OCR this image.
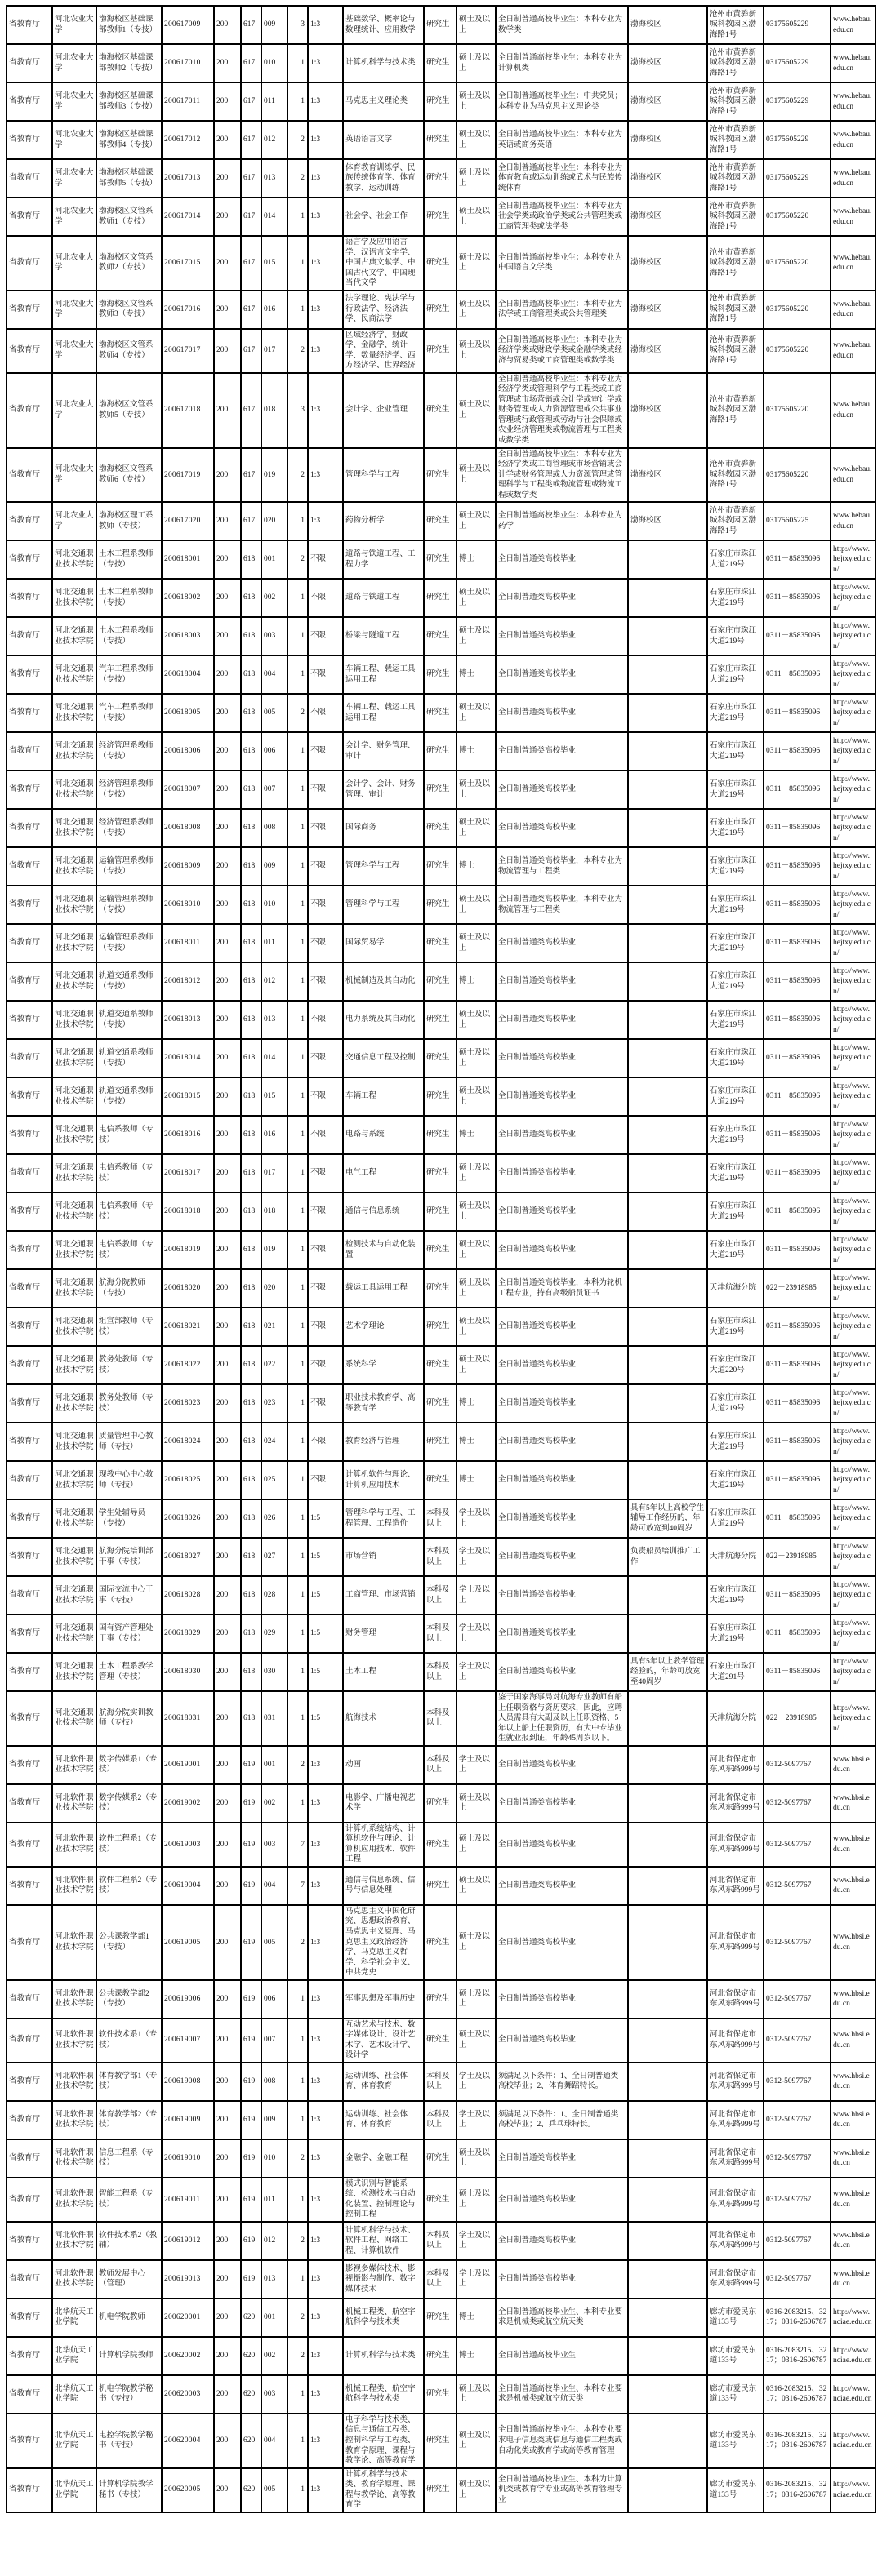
省教育厅	河北农业大学	渤海校区基础课部教师1（专技）	200617009	200	617	009	3	1:3	基础数学、概率论与数理统计、应用数学	研究生	硕士及以上	全日制普通高校毕业生：本科专业为数学类	渤海校区	沧州市黄骅新城科教园区渤海路1号	03175605229	www.hebau.edu.cn
省教育厅	河北农业大学	渤海校区基础课部教师2（专技）	200617010	200	617	010	1	1:3	计算机科学与技术类	研究生	硕士及以上	全日制普通高校毕业生：本科专业为计算机类	渤海校区	沧州市黄骅新城科教园区渤海路1号	03175605229	www.hebau.edu.cn
省教育厅	河北农业大学	渤海校区基础课部教师3（专技）	200617011	200	617	011	1	1:3	马克思主义理论类	研究生	硕士及以上	全日制普通高校毕业生：中共党员；本科专业为马克思主义理论类	渤海校区	沧州市黄骅新城科教园区渤海路1号	03175605229	www.hebau.edu.cn
省教育厅	河北农业大学	渤海校区基础课部教师4（专技）	200617012	200	617	012	2	1:3	英语语言文学	研究生	硕士及以上	全日制普通高校毕业生：本科专业为英语或商务英语	渤海校区	沧州市黄骅新城科教园区渤海路1号	03175605229	www.hebau.edu.cn
省教育厅	河北农业大学	渤海校区基础课部教师5（专技）	200617013	200	617	013	2	1:3	体育教育训练学、民族传统体育学、体育教学、运动训练	研究生	硕士及以上	全日制普通高校毕业生：本科专业为体育教育或运动训练或武术与民族传统体育	渤海校区	沧州市黄骅新城科教园区渤海路1号	03175605229	www.hebau.edu.cn
省教育厅	河北农业大学	渤海校区文管系教师1（专技）	200617014	200	617	014	1	1:3	社会学、社会工作	研究生	硕士及以上	全日制普通高校毕业生：本科专业为社会学类或政治学类或公共管理类或工商管理类或法学类	渤海校区	沧州市黄骅新城科教园区渤海路1号	03175605220	www.hebau.edu.cn
省教育厅	河北农业大学	渤海校区文管系教师2（专技）	200617015	200	617	015	1	1:3	语言学及应用语言学、汉语言文字学、中国古典文献学、中国古代文学、中国现当代文学	研究生	硕士及以上	全日制普通高校毕业生：本科专业为中国语言文学类	渤海校区	沧州市黄骅新城科教园区渤海路1号	03175605220	www.hebau.edu.cn
省教育厅	河北农业大学	渤海校区文管系教师3（专技）	200617016	200	617	016	1	1:3	法学理论、宪法学与行政法学、经济法学、民商法学	研究生	硕士及以上	全日制普通高校毕业生：本科专业为法学或工商管理类或公共管理类	渤海校区	沧州市黄骅新城科教园区渤海路1号	03175605220	www.hebau.edu.cn
省教育厅	河北农业大学	渤海校区文管系教师4（专技）	200617017	200	617	017	2	1:3	区域经济学、财政学、金融学、统计学、数量经济学、西方经济学、世界经济	研究生	硕士及以上	全日制普通高校毕业生：本科专业为经济学类或财政学类或金融学类或经济与贸易类或工商管理类或数学类	渤海校区	沧州市黄骅新城科教园区渤海路1号	03175605220	www.hebau.edu.cn
省教育厅	河北农业大学	渤海校区文管系教师5（专技）	200617018	200	617	018	3	1:3	会计学、企业管理	研究生	硕士及以上	全日制普通高校毕业生：本科专业为经济学类或管理科学与工程类或工商管理或市场营销或会计学或审计学或财务管理或人力资源管理或公共事业管理或行政管理或劳动与社会保障或农业经济管理类或物流管理与工程类或数学类	渤海校区	沧州市黄骅新城科教园区渤海路1号	03175605220	www.hebau.edu.cn
省教育厅	河北农业大学	渤海校区文管系教师6（专技）	200617019	200	617	019	2	1:3	管理科学与工程	研究生	硕士及以上	全日制普通高校毕业生：本科专业为经济学类或工商管理或市场营销或会计学或财务管理或人力资源管理或管理科学与工程类或物流管理或物流工程或数学类	渤海校区	沧州市黄骅新城科教园区渤海路1号	03175605220	www.hebau.edu.cn
省教育厅	河北农业大学	渤海校区理工系教师（专技）	200617020	200	617	020	1	1:3	药物分析学	研究生	硕士及以上	全日制普通高校毕业生：本科专业为药学	渤海校区	沧州市黄骅新城科教园区渤海路1号	03175605225	www.hebau.edu.cn
省教育厅	河北交通职业技术学院	土木工程系教师（专技）	200618001	200	618	001	2	不限	道路与铁道工程、工程力学	研究生	博士	全日制普通类高校毕业		石家庄市珠江大道219号	0311－85835096	http://www.hejtxy.edu.cn/
省教育厅	河北交通职业技术学院	土木工程系教师（专技）	200618002	200	618	002	1	不限	道路与铁道工程	研究生	硕士及以上	全日制普通类高校毕业		石家庄市珠江大道219号	0311－85835096	http://www.hejtxy.edu.cn/
省教育厅	河北交通职业技术学院	土木工程系教师（专技）	200618003	200	618	003	1	不限	桥梁与隧道工程	研究生	硕士及以上	全日制普通类高校毕业		石家庄市珠江大道219号	0311－85835096	http://www.hejtxy.edu.cn/
省教育厅	河北交通职业技术学院	汽车工程系教师（专技）	200618004	200	618	004	1	不限	车辆工程、载运工具运用工程	研究生	博士	全日制普通类高校毕业		石家庄市珠江大道219号	0311－85835096	http://www.hejtxy.edu.cn/
省教育厅	河北交通职业技术学院	汽车工程系教师（专技）	200618005	200	618	005	2	不限	车辆工程、载运工具运用工程	研究生	硕士及以上	全日制普通类高校毕业		石家庄市珠江大道219号	0311－85835096	http://www.hejtxy.edu.cn/
省教育厅	河北交通职业技术学院	经济管理系教师（专技）	200618006	200	618	006	1	不限	会计学、财务管理、审计	研究生	博士	全日制普通类高校毕业		石家庄市珠江大道219号	0311－85835096	http://www.hejtxy.edu.cn/
省教育厅	河北交通职业技术学院	经济管理系教师（专技）	200618007	200	618	007	1	不限	会计学、会计、财务管理、审计	研究生	硕士及以上	全日制普通类高校毕业		石家庄市珠江大道219号	0311－85835096	http://www.hejtxy.edu.cn/
省教育厅	河北交通职业技术学院	经济管理系教师（专技）	200618008	200	618	008	1	不限	国际商务	研究生	硕士及以上	全日制普通类高校毕业		石家庄市珠江大道219号	0311－85835096	http://www.hejtxy.edu.cn/
省教育厅	河北交通职业技术学院	运输管理系教师（专技）	200618009	200	618	009	1	不限	管理科学与工程	研究生	博士	全日制普通类高校毕业，本科专业为物流管理与工程类		石家庄市珠江大道219号	0311－85835096	http://www.hejtxy.edu.cn/
省教育厅	河北交通职业技术学院	运输管理系教师（专技）	200618010	200	618	010	1	不限	管理科学与工程	研究生	硕士及以上	全日制普通类高校毕业，本科专业为物流管理与工程类		石家庄市珠江大道219号	0311－85835096	http://www.hejtxy.edu.cn/
省教育厅	河北交通职业技术学院	运输管理系教师（专技）	200618011	200	618	011	1	不限	国际贸易学	研究生	硕士及以上	全日制普通类高校毕业		石家庄市珠江大道219号	0311－85835096	http://www.hejtxy.edu.cn/
省教育厅	河北交通职业技术学院	轨道交通系教师（专技）	200618012	200	618	012	1	不限	机械制造及其自动化	研究生	博士	全日制普通类高校毕业		石家庄市珠江大道219号	0311－85835096	http://www.hejtxy.edu.cn/
省教育厅	河北交通职业技术学院	轨道交通系教师（专技）	200618013	200	618	013	1	不限	电力系统及其自动化	研究生	硕士及以上	全日制普通类高校毕业		石家庄市珠江大道219号	0311－85835096	http://www.hejtxy.edu.cn/
省教育厅	河北交通职业技术学院	轨道交通系教师（专技）	200618014	200	618	014	1	不限	交通信息工程及控制	研究生	硕士及以上	全日制普通类高校毕业		石家庄市珠江大道219号	0311－85835096	http://www.hejtxy.edu.cn/
省教育厅	河北交通职业技术学院	轨道交通系教师（专技）	200618015	200	618	015	1	不限	车辆工程	研究生	硕士及以上	全日制普通类高校毕业		石家庄市珠江大道219号	0311－85835096	http://www.hejtxy.edu.cn/
省教育厅	河北交通职业技术学院	电信系教师（专技）	200618016	200	618	016	1	不限	电路与系统	研究生	博士	全日制普通类高校毕业		石家庄市珠江大道219号	0311－85835096	http://www.hejtxy.edu.cn/
省教育厅	河北交通职业技术学院	电信系教师（专技）	200618017	200	618	017	1	不限	电气工程	研究生	硕士及以上	全日制普通类高校毕业		石家庄市珠江大道219号	0311－85835096	http://www.hejtxy.edu.cn/
省教育厅	河北交通职业技术学院	电信系教师（专技）	200618018	200	618	018	1	不限	通信与信息系统	研究生	硕士及以上	全日制普通类高校毕业		石家庄市珠江大道219号	0311－85835096	http://www.hejtxy.edu.cn/
省教育厅	河北交通职业技术学院	电信系教师（专技）	200618019	200	618	019	1	不限	检测技术与自动化装置	研究生	硕士及以上	全日制普通类高校毕业		石家庄市珠江大道219号	0311－85835096	http://www.hejtxy.edu.cn/
省教育厅	河北交通职业技术学院	航海分院教师（专技）	200618020	200	618	020	1	不限	载运工具运用工程	研究生	硕士及以上	全日制普通类高校毕业，本科为轮机工程专业，持有高级船员证书		天津航海分院	022－23918985	http://www.hejtxy.edu.cn/
省教育厅	河北交通职业技术学院	组宣部教师（专技）	200618021	200	618	021	1	不限	艺术学理论	研究生	硕士及以上	全日制普通类高校毕业		石家庄市珠江大道219号	0311－85835096	http://www.hejtxy.edu.cn/
省教育厅	河北交通职业技术学院	教务处教师（专技）	200618022	200	618	022	1	不限	系统科学	研究生	硕士及以上	全日制普通类高校毕业		石家庄市珠江大道220号	0311－85835096	http://www.hejtxy.edu.cn/
省教育厅	河北交通职业技术学院	教务处教师（专技）	200618023	200	618	023	1	不限	职业技术教育学、高等教育学	研究生	博士	全日制普通类高校毕业		石家庄市珠江大道219号	0311－85835096	http://www.hejtxy.edu.cn/
省教育厅	河北交通职业技术学院	质量管理中心教师（专技）	200618024	200	618	024	1	不限	教育经济与管理	研究生	博士	全日制普通类高校毕业		石家庄市珠江大道219号	0311－85835096	http://www.hejtxy.edu.cn/
省教育厅	河北交通职业技术学院	现教中心中心教师（专技）	200618025	200	618	025	1	不限	计算机软件与理论、计算机应用技术	研究生	博士	全日制普通类高校毕业		石家庄市珠江大道219号	0311－85835096	http://www.hejtxy.edu.cn/
省教育厅	河北交通职业技术学院	学生处辅导员（专技）	200618026	200	618	026	1	1:5	管理科学与工程、工程管理、工程造价	本科及以上	学士及以上	全日制普通类高校毕业	具有5年以上高校学生辅导工作经历的，年龄可放宽到40周岁	石家庄市珠江大道219号	0311－85835096	http://www.hejtxy.edu.cn/
省教育厅	河北交通职业技术学院	航海分院培训部干事（专技）	200618027	200	618	027	1	1:5	市场营销	本科及以上	学士及以上	全日制普通类高校毕业	负责船员培训推广工作	天津航海分院	022－23918985	http://www.hejtxy.edu.cn/
省教育厅	河北交通职业技术学院	国际交流中心干事（专技）	200618028	200	618	028	1	1:5	工商管理、市场营销	本科及以上	学士及以上	全日制普通类高校毕业		石家庄市珠江大道219号	0311－85835096	http://www.hejtxy.edu.cn/
省教育厅	河北交通职业技术学院	国有资产管理处干事（专技）	200618029	200	618	029	1	1:5	财务管理	本科及以上	学士及以上	全日制普通类高校毕业		石家庄市珠江大道219号	0311－85835096	http://www.hejtxy.edu.cn/
省教育厅	河北交通职业技术学院	土木工程系教学管理（专技）	200618030	200	618	030	1	1:5	土木工程	本科及以上	学士及以上	全日制普通类高校毕业	具有5年以上教学管理经验的，年龄可放宽至40周岁	石家庄市珠江大道291号	0311－85835096	http://www.hejtxy.edu.cn/
省教育厅	河北交通职业技术学院	航海分院实训教师（专技）	200618031	200	618	031	1	1:5	航海技术	本科及以上		鉴于国家海事局对航海专业教师有船上任职资格与资历要求，因此，应聘人员需具有大副及以上任职资格、5年以上船上任职资历，有大中专毕业生就业报到证，年龄45周岁以下。		天津航海分院	022－23918985	http://www.hejtxy.edu.cn/
省教育厅	河北软件职业技术学院	数字传媒系1（专技）	200619001	200	619	001	2	1:3	动画	本科及以上	学士及以上	全日制普通类高校毕业		河北省保定市东风东路999号	0312-5097767	www.hbsi.edu.cn
省教育厅	河北软件职业技术学院	数字传媒系2（专技）	200619002	200	619	002	1	1:3	电影学、广播电视艺术学	研究生	硕士及以上	全日制普通类高校毕业		河北省保定市东风东路999号	0312-5097767	www.hbsi.edu.cn
省教育厅	河北软件职业技术学院	软件工程系1（专技）	200619003	200	619	003	7	1:3	计算机系统结构、计算机软件与理论、计算机应用技术、软件工程	研究生	硕士及以上	全日制普通类高校毕业		河北省保定市东风东路999号	0312-5097767	www.hbsi.edu.cn
省教育厅	河北软件职业技术学院	软件工程系2（专技）	200619004	200	619	004	7	1:3	通信与信息系统、信号与信息处理	研究生	硕士及以上	全日制普通类高校毕业		河北省保定市东风东路999号	0312-5097767	www.hbsi.edu.cn
省教育厅	河北软件职业技术学院	公共课教学部1（专技）	200619005	200	619	005	2	1:3	马克思主义中国化研究、思想政治教育、马克思主义原理、马克思主义政治经济学、马克思主义哲学、科学社会主义、中共党史	研究生	硕士及以上	全日制普通类高校毕业		河北省保定市东风东路999号	0312-5097767	www.hbsi.edu.cn
省教育厅	河北软件职业技术学院	公共课教学部2（专技）	200619006	200	619	006	1	1:3	军事思想及军事历史	研究生	硕士及以上	全日制普通类高校毕业		河北省保定市东风东路999号	0312-5097767	www.hbsi.edu.cn
省教育厅	河北软件职业技术学院	软件技术系1（专技）	200619007	200	619	007	1	1:3	互动艺术与技术、数字媒体设计、设计艺术学、艺术设计学、设计学	研究生	硕士及以上	全日制普通类高校毕业		河北省保定市东风东路999号	0312-5097767	www.hbsi.edu.cn
省教育厅	河北软件职业技术学院	体育教学部1（专技）	200619008	200	619	008	1	1:3	运动训练、社会体育、体育教育	本科及以上	学士及以上	须满足以下条件：1、全日制普通类高校毕业；2、体育舞蹈特长。		河北省保定市东风东路999号	0312-5097767	www.hbsi.edu.cn
省教育厅	河北软件职业技术学院	体育教学部2（专技）	200619009	200	619	009	1	1:3	运动训练、社会体育、体育教育	本科及以上	学士及以上	须满足以下条件：1、全日制普通类高校毕业；2、乒乓球特长。		河北省保定市东风东路999号	0312-5097767	www.hbsi.edu.cn
省教育厅	河北软件职业技术学院	信息工程系（专技）	200619010	200	619	010	2	1:3	金融学、金融工程	研究生	硕士及以上	全日制普通类高校毕业		河北省保定市东风东路999号	0312-5097767	www.hbsi.edu.cn
省教育厅	河北软件职业技术学院	智能工程系（专技）	200619011	200	619	011	1	1:3	模式识别与智能系统、检测技术与自动化装置、控制理论与控制工程	研究生	硕士及以上	全日制普通类高校毕业		河北省保定市东风东路999号	0312-5097767	www.hbsi.edu.cn
省教育厅	河北软件职业技术学院	软件技术系2（教辅）	200619012	200	619	012	2	1:3	计算机科学与技术、软件工程、网络工程、计算机软件	本科及以上	学士及以上	全日制普通类高校毕业		河北省保定市东风东路999号	0312-5097767	www.hbsi.edu.cn
省教育厅	河北软件职业技术学院	教师发展中心（管理）	200619013	200	619	013	1	1:3	影视多媒体技术、影视摄影与制作、数字媒体技术	本科及以上	学士及以上	全日制普通类高校毕业		河北省保定市东风东路999号	0312-5097767	www.hbsi.edu.cn
省教育厅	北华航天工业学院	机电学院教师	200620001	200	620	001	2	1:3	机械工程类、航空宇航科学与技术类	研究生	博士	全日制普通高校毕业生、本科专业要求是机械类或航空航天类		廊坊市爱民东道133号	0316-2083215、3217；0316-2606787	http://www.nciae.edu.cn
省教育厅	北华航天工业学院	计算机学院教师	200620002	200	620	002	2	1:3	计算机科学与技术类	研究生	博士	全日制普通高校毕业生		廊坊市爱民东道133号	0316-2083215、3217；0316-2606787	http://www.nciae.edu.cn
省教育厅	北华航天工业学院	机电学院教学秘书（专技）	200620003	200	620	003	1	1:3	机械工程类、航空宇航科学与技术类	研究生	硕士及以上	全日制普通高校毕业生、本科专业要求是机械类或航空航天类		廊坊市爱民东道133号	0316-2083215、3217；0316-2606787	http://www.nciae.edu.cn
省教育厅	北华航天工业学院	电控学院教学秘书（专技）	200620004	200	620	004	1	1:3	电子科学与技术类、信息与通信工程类、控制科学与工程类、教育学原理、课程与教学论、高等教育学	研究生	硕士及以上	全日制普通高校毕业生、本科专业要求电子信息类或信息与通信工程类或自动化类或教育学或高等教育管理		廊坊市爱民东道133号	0316-2083215、3217；0316-2606787	http://www.nciae.edu.cn
省教育厅	北华航天工业学院	计算机学院教学秘书（专技）	200620005	200	620	005	1	1:3	计算机科学与技术类、教育学原理、课程与教学论、高等教育学	研究生	硕士及以上	全日制普通高校毕业生、本科为计算机类或教育学专业或高等教育管理专业		廊坊市爱民东道133号	0316-2083215、3217；0316-2606787	http://www.nciae.edu.cn
